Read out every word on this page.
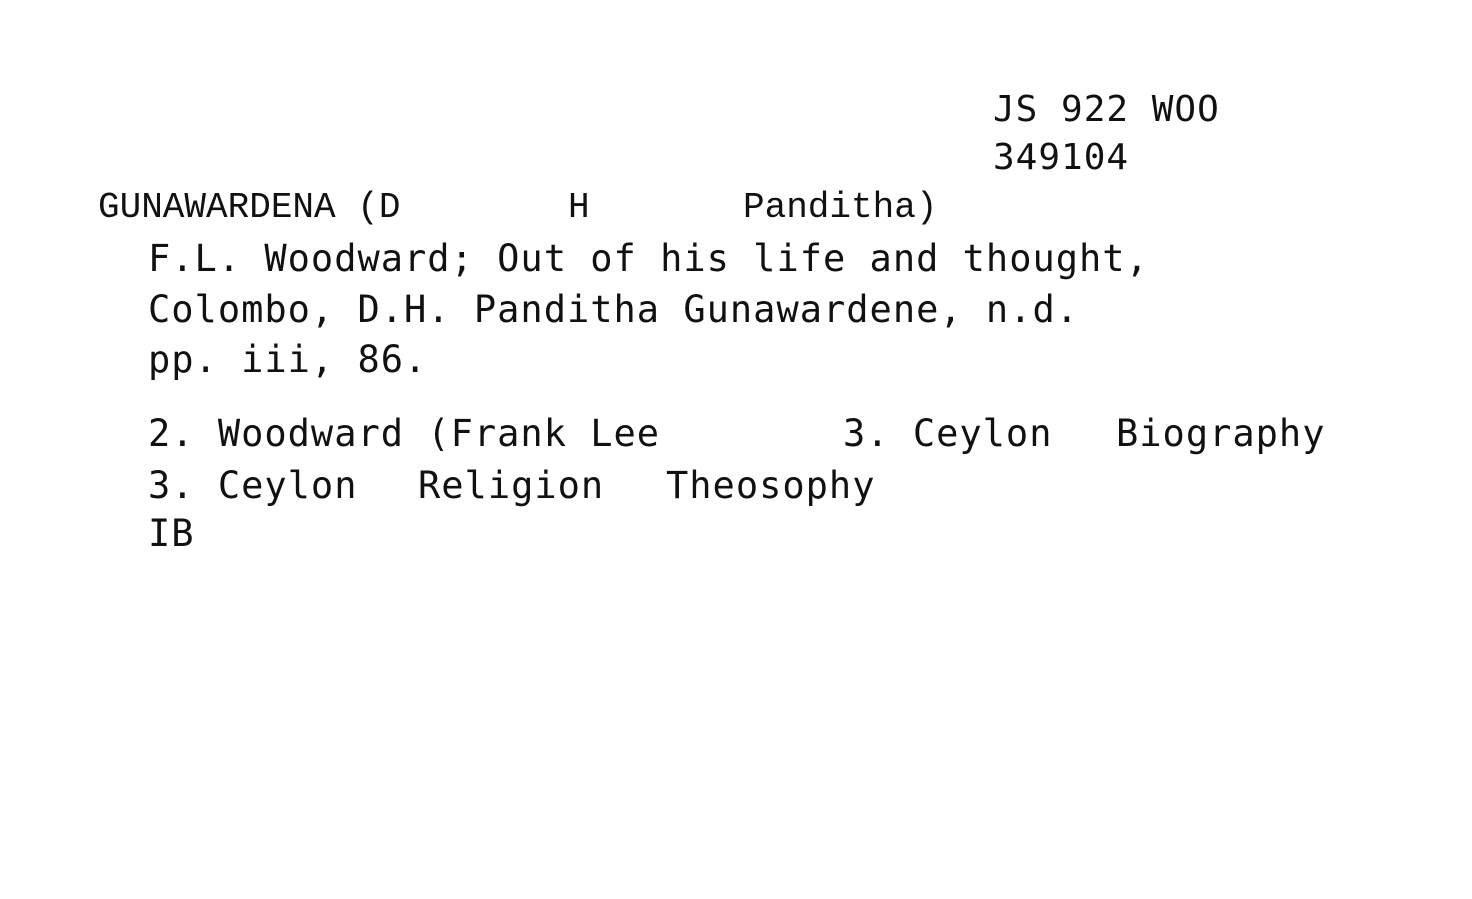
JS 922 WOO
349104

GUNAWARDENA (D

	H

	Panditha)

F.L. Woodward; Out of his life and thought,
Colombo, D.H. Panditha Gunawardene, n.d.
pp. iii, 86.

2. Woodward (Frank Lee

	3. Ceylon

Biography

3. Ceylon

Religion

Theosophy

IB
